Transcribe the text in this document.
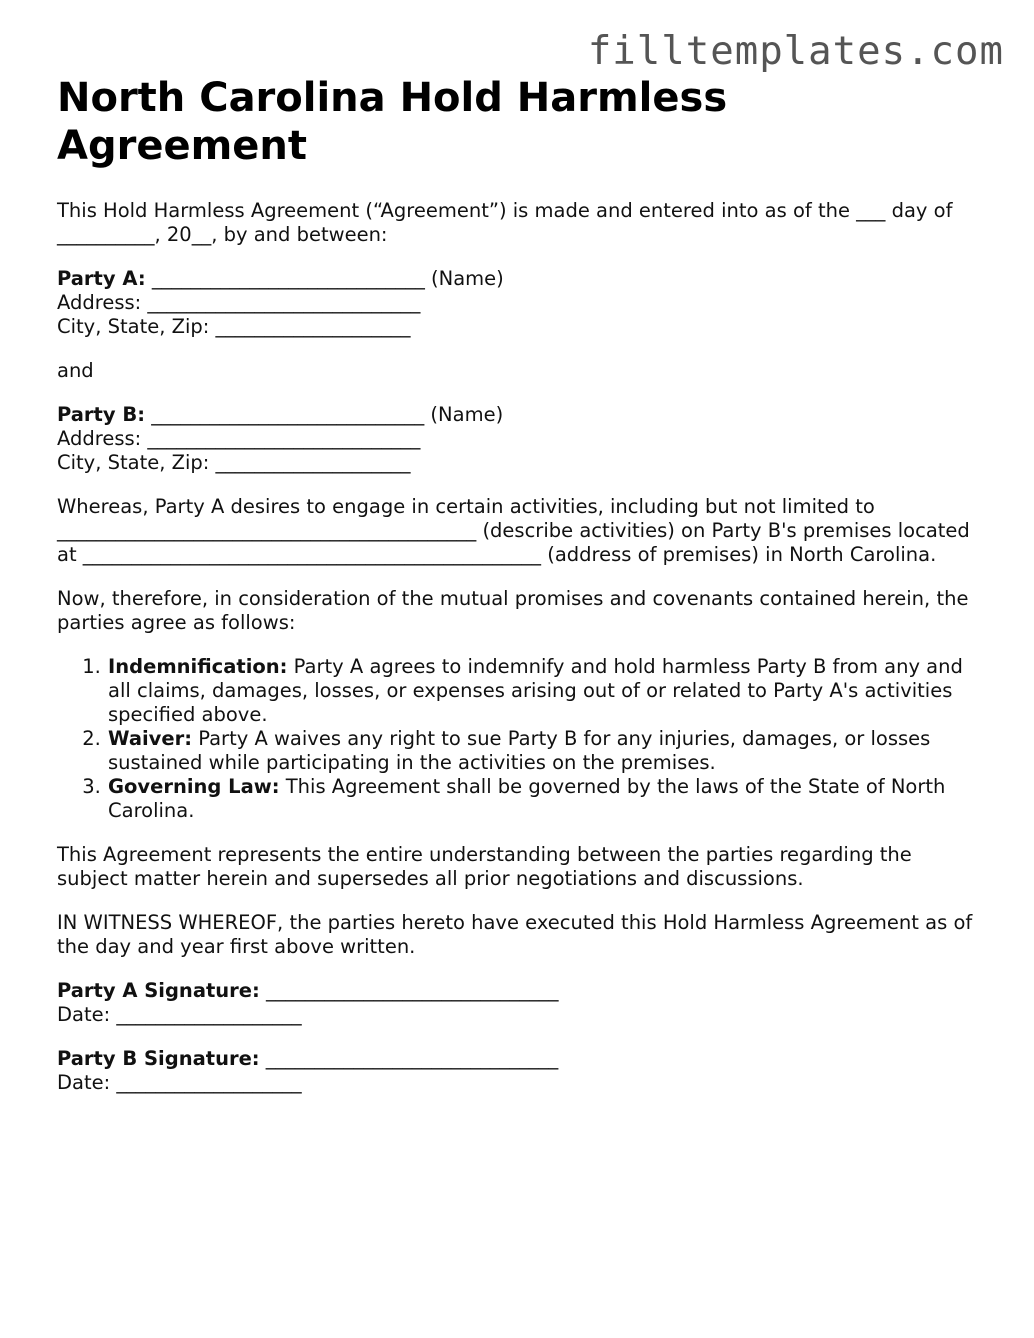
filltemplates.com
North Carolina Hold Harmless Agreement

This Hold Harmless Agreement (“Agreement”) is made and entered into as of the ___ day of __________, 20__, by and between:

Party A: ____________________________ (Name)
Address: ____________________________
City, State, Zip: ____________________

and

Party B: ____________________________ (Name)
Address: ____________________________
City, State, Zip: ____________________

Whereas, Party A desires to engage in certain activities, including but not limited to ___________________________________________ (describe activities) on Party B's premises located at _______________________________________________ (address of premises) in North Carolina.

Now, therefore, in consideration of the mutual promises and covenants contained herein, the parties agree as follows:

1. Indemnification: Party A agrees to indemnify and hold harmless Party B from any and all claims, damages, losses, or expenses arising out of or related to Party A's activities specified above.
2. Waiver: Party A waives any right to sue Party B for any injuries, damages, or losses sustained while participating in the activities on the premises.
3. Governing Law: This Agreement shall be governed by the laws of the State of North Carolina.

This Agreement represents the entire understanding between the parties regarding the subject matter herein and supersedes all prior negotiations and discussions.

IN WITNESS WHEREOF, the parties hereto have executed this Hold Harmless Agreement as of the day and year first above written.

Party A Signature: ______________________________
Date: ___________________
Party B Signature: ______________________________
Date: ___________________
